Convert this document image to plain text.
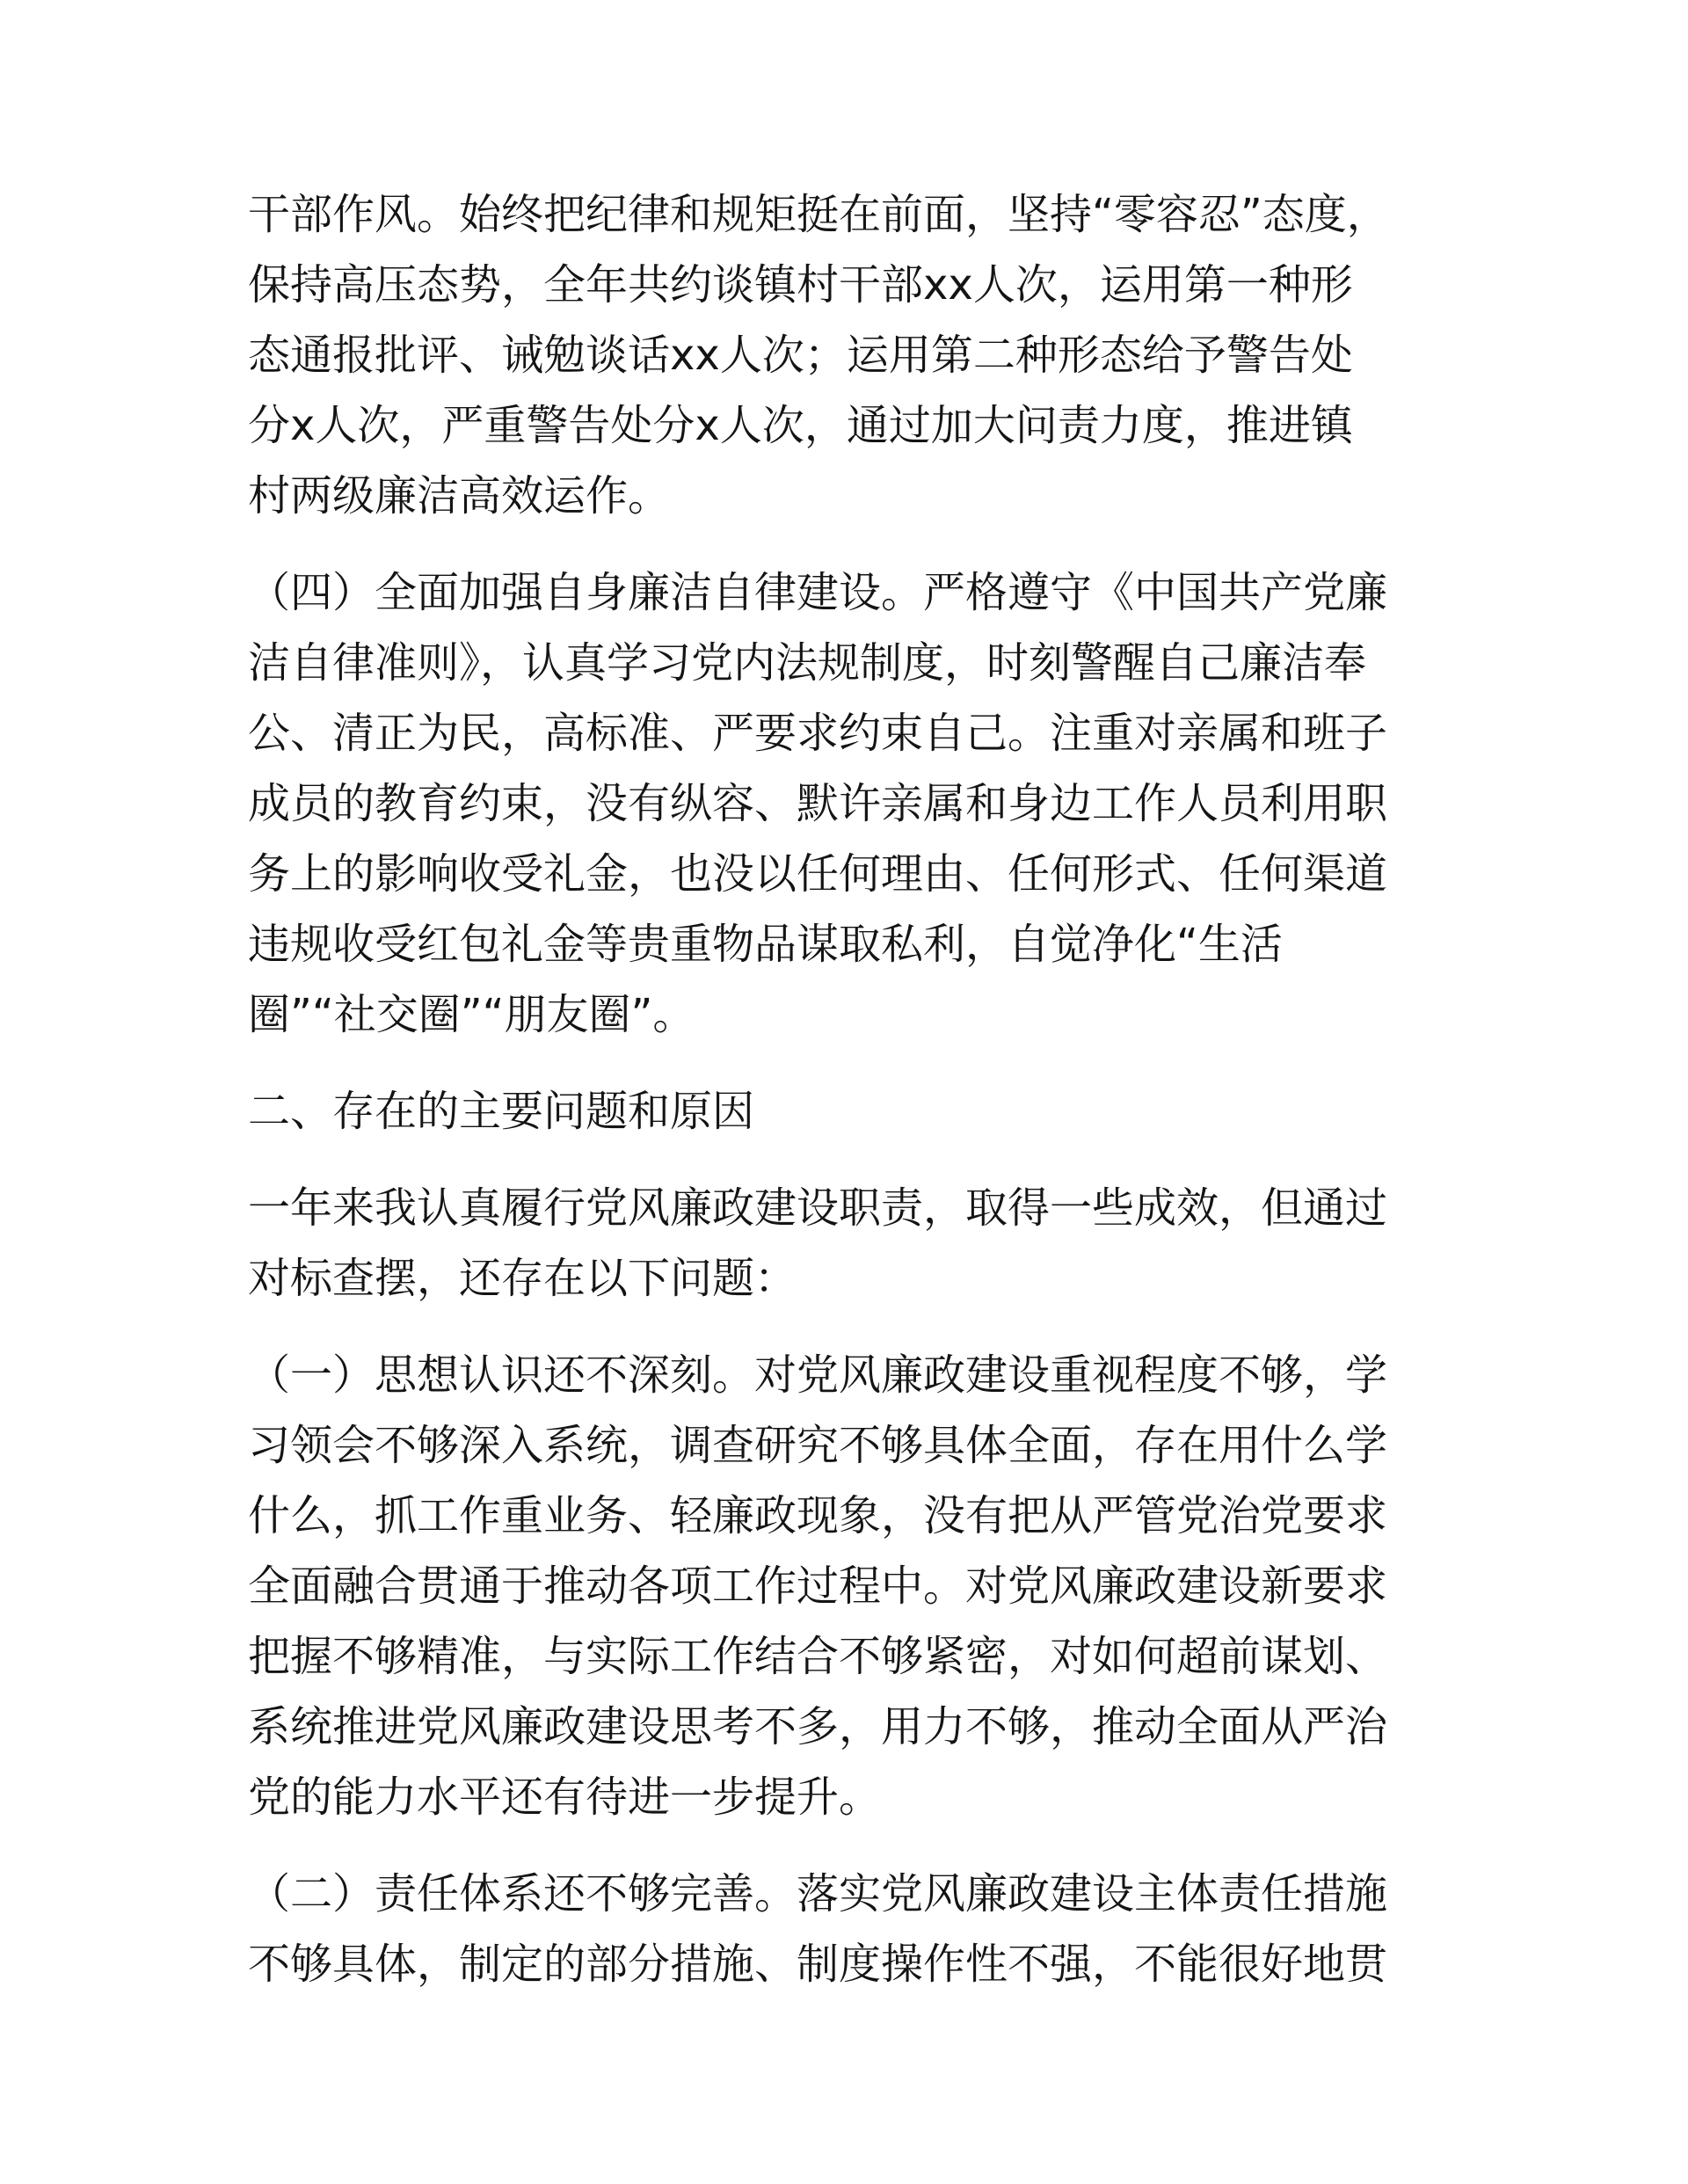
干部作风。始终把纪律和规矩挺在前面，坚持“零容忍”态度，
保持高压态势，全年共约谈镇村干部xx人次，运用第一种形
态通报批评、诫勉谈话xx人次；运用第二种形态给予警告处
分x人次，严重警告处分x人次，通过加大问责力度，推进镇
村两级廉洁高效运作。

（四）全面加强自身廉洁自律建设。严格遵守《中国共产党廉
洁自律准则》，认真学习党内法规制度，时刻警醒自己廉洁奉
公、清正为民，高标准、严要求约束自己。注重对亲属和班子
成员的教育约束，没有纵容、默许亲属和身边工作人员利用职
务上的影响收受礼金，也没以任何理由、任何形式、任何渠道
违规收受红包礼金等贵重物品谋取私利，自觉净化“生活
圈”“社交圈”“朋友圈”。

二、存在的主要问题和原因

一年来我认真履行党风廉政建设职责，取得一些成效，但通过
对标查摆，还存在以下问题：

（一）思想认识还不深刻。对党风廉政建设重视程度不够，学
习领会不够深入系统，调查研究不够具体全面，存在用什么学
什么，抓工作重业务、轻廉政现象，没有把从严管党治党要求
全面融合贯通于推动各项工作过程中。对党风廉政建设新要求
把握不够精准，与实际工作结合不够紧密，对如何超前谋划、
系统推进党风廉政建设思考不多，用力不够，推动全面从严治
党的能力水平还有待进一步提升。

（二）责任体系还不够完善。落实党风廉政建设主体责任措施
不够具体，制定的部分措施、制度操作性不强，不能很好地贯
